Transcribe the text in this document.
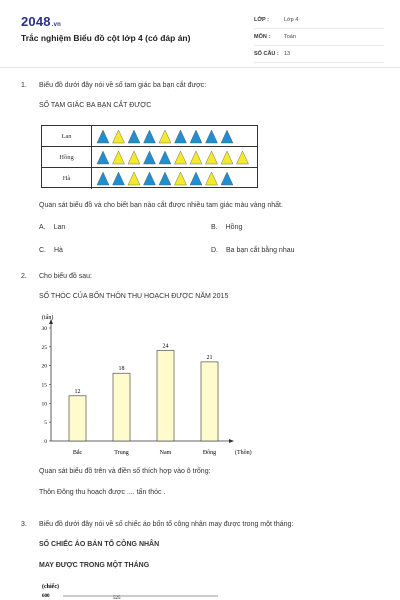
2048.vn
Trắc nghiệm Biểu đồ cột lớp 4 (có đáp án)
LỚP :	Lớp 4
MÔN :	Toán
SỐ CÂU : 13
1. Biểu đồ dưới đây nói về số tam giác ba bạn cắt được:
SỐ TAM GIÁC BA BẠN CẮT ĐƯỢC
Lan
Hồng
Hà
Quan sát biểu đồ và cho biết bạn nào cắt được nhiều tam giác màu vàng nhất.
A. Lan	B. Hồng
C. Hà	D. Ba bạn cắt bằng nhau
2. Cho biểu đồ sau:
SỐ THÓC CỦA BỐN THÔN THU HOẠCH ĐƯỢC NĂM 2015
(tấn)
(Thôn)
0
5
10
15
20
25
30
12
Bắc
18
Trung
24
Nam
21
Đông
Quan sát biểu đồ trên và điền số thích hợp vào ô trống:
Thôn Đông thu hoạch được .... tấn thóc .
3. Biểu đồ dưới đây nói về số chiếc áo bốn tổ công nhân may được trong một tháng:
SỐ CHIẾC ÁO BÁN TỔ CÔNG NHÂN
MAY ĐƯỢC TRONG MỘT THÁNG
(chiếc)
600	525
